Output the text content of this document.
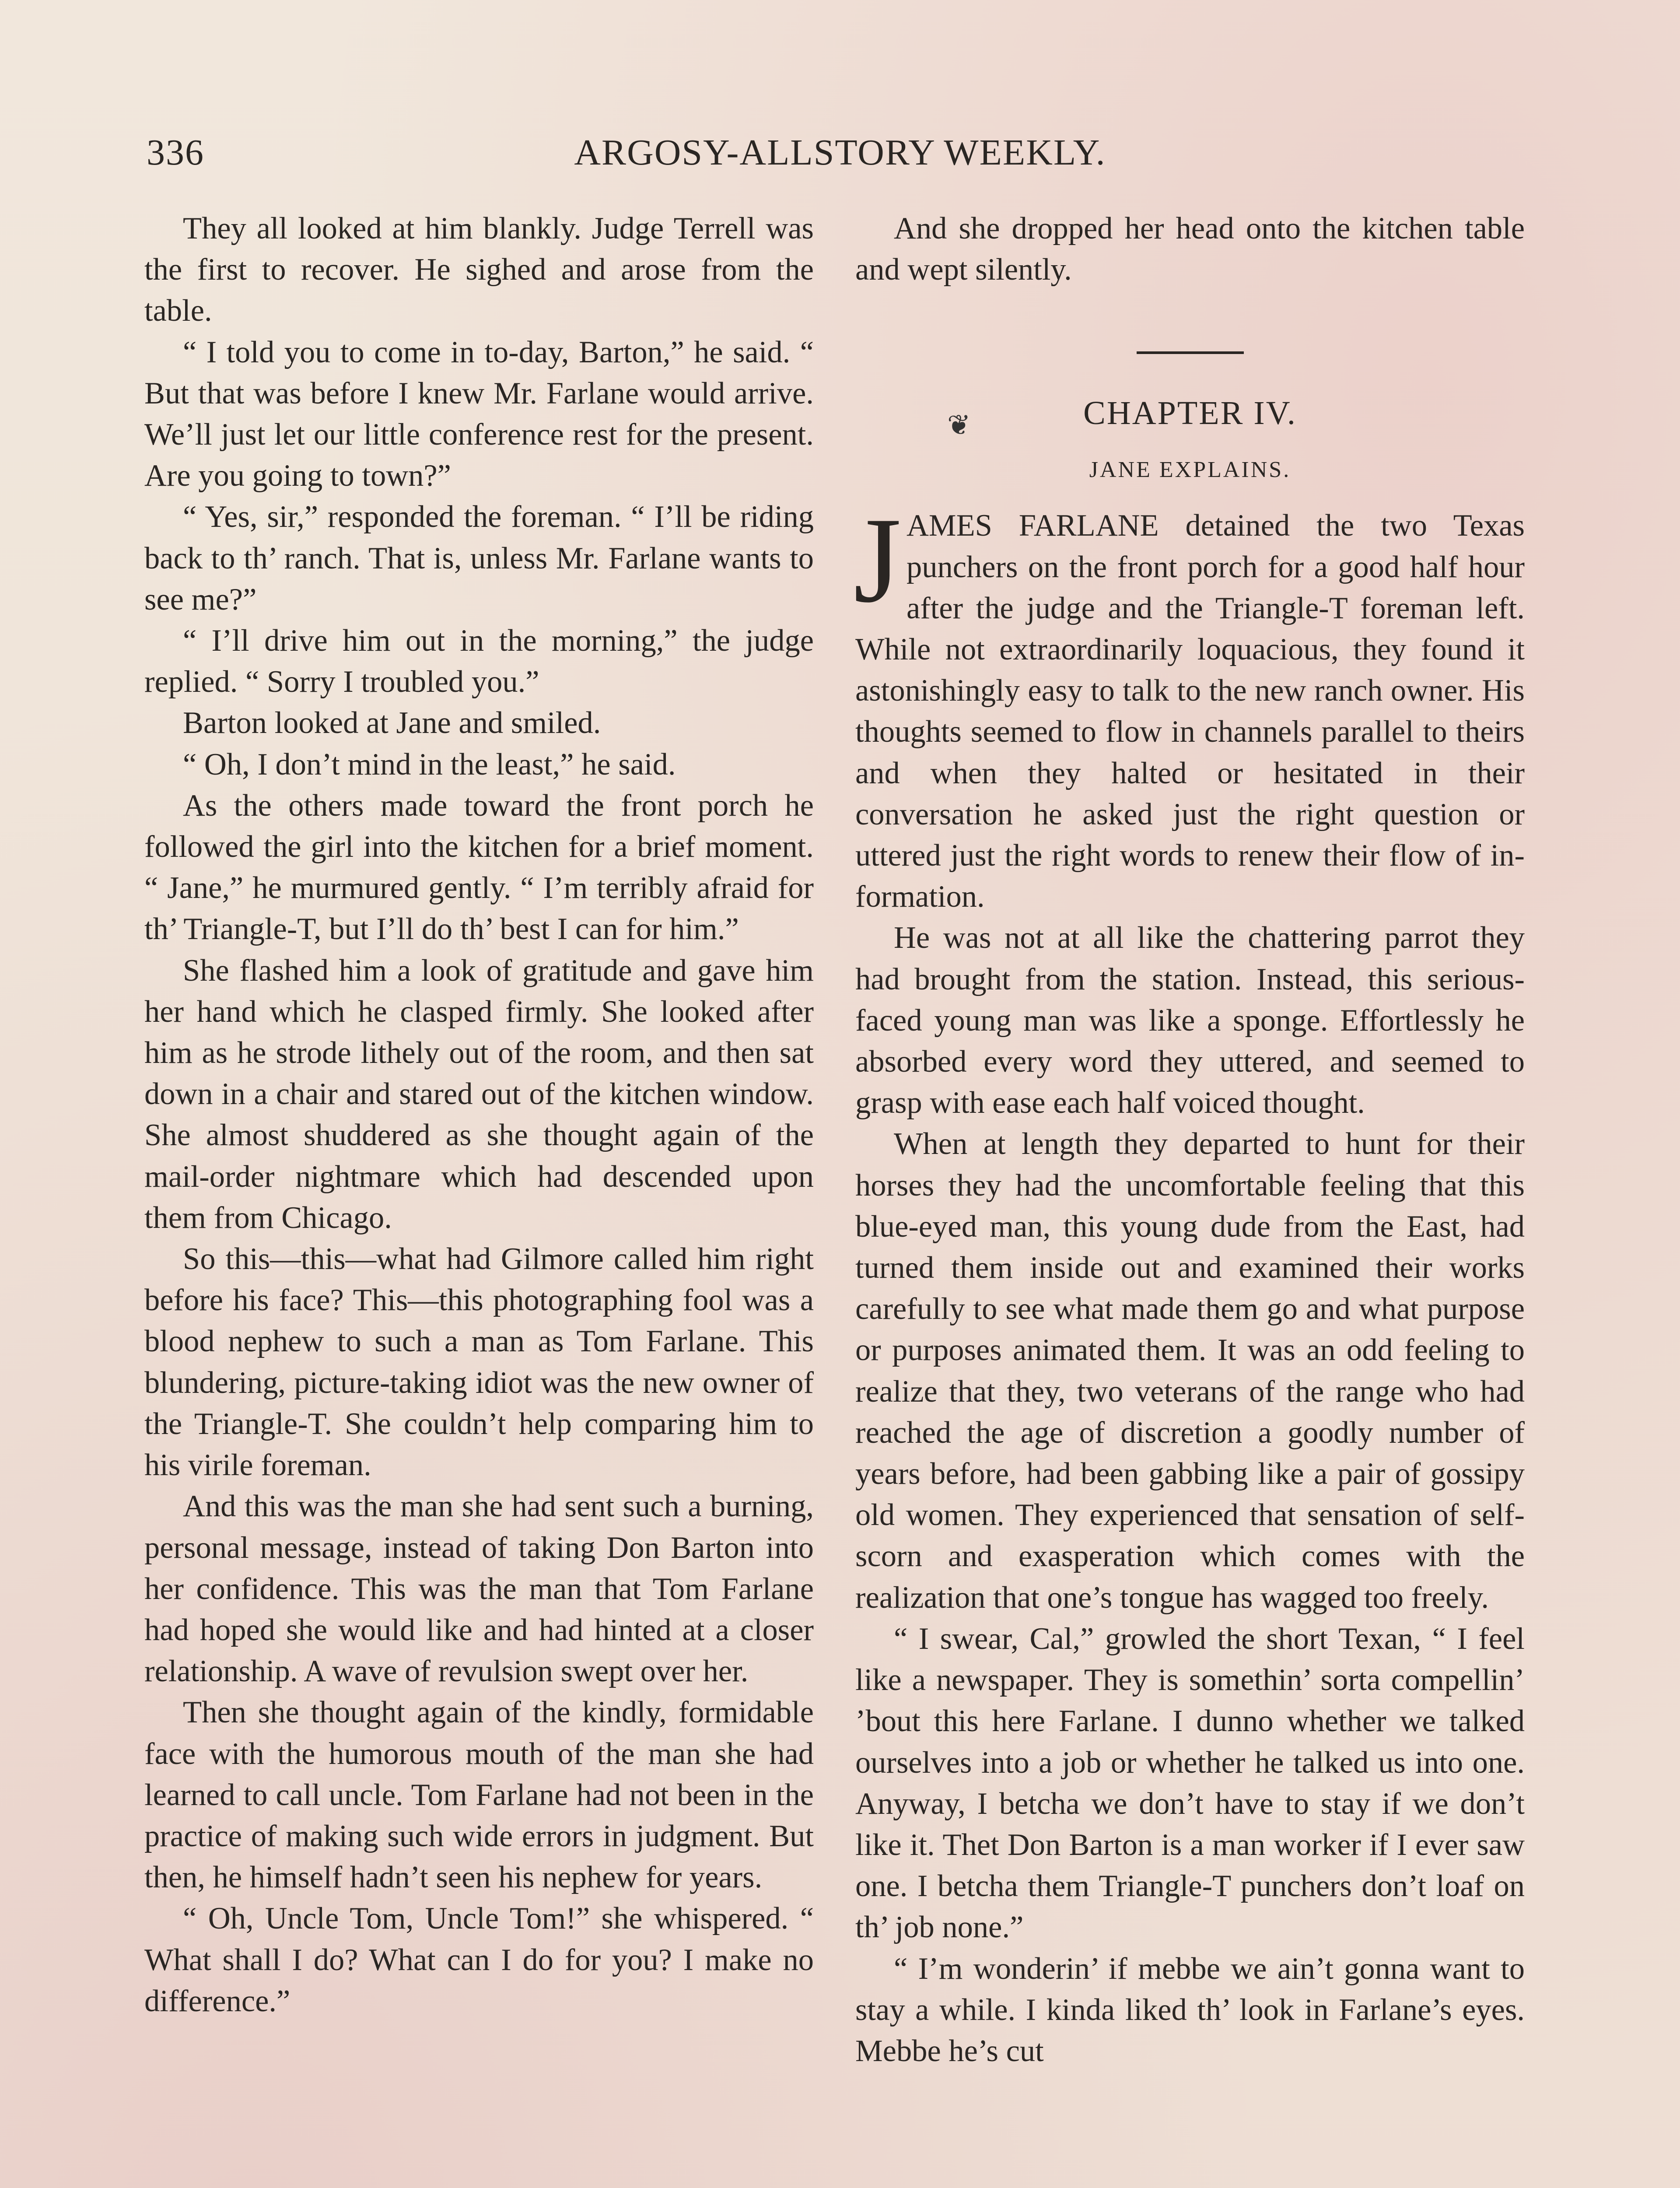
336	ARGOSY-ALLSTORY WEEKLY.

They all looked at him blankly. Judge Terrell was the first to recover. He sighed and arose from the table.

“ I told you to come in to-day, Barton,” he said. “ But that was before I knew Mr. Farlane would arrive. We’ll just let our little conference rest for the present. Are you going to town?”

“ Yes, sir,” responded the foreman. “ I’ll be riding back to th’ ranch. That is, unless Mr. Farlane wants to see me?”

“ I’ll drive him out in the morning,” the judge replied. “ Sorry I troubled you.”

Barton looked at Jane and smiled.

“ Oh, I don’t mind in the least,” he said.

As the others made toward the front porch he followed the girl into the kitchen for a brief moment. “ Jane,” he murmured gently. “ I’m terribly afraid for th’ Triangle-T, but I’ll do th’ best I can for him.”

She flashed him a look of gratitude and gave him her hand which he clasped firmly. She looked after him as he strode lithely out of the room, and then sat down in a chair and stared out of the kitchen window. She almost shuddered as she thought again of the mail-order nightmare which had descended upon them from Chicago.

So this—this—what had Gilmore called him right before his face? This—this photographing fool was a blood nephew to such a man as Tom Farlane. This blundering, picture-taking idiot was the new owner of the Triangle-T. She couldn’t help comparing him to his virile foreman.

And this was the man she had sent such a burning, personal message, instead of taking Don Barton into her confidence. This was the man that Tom Farlane had hoped she would like and had hinted at a closer relationship. A wave of revulsion swept over her.

Then she thought again of the kindly, formidable face with the humorous mouth of the man she had learned to call uncle. Tom Farlane had not been in the practice of making such wide errors in judgment. But then, he himself hadn’t seen his nephew for years.

“ Oh, Uncle Tom, Uncle Tom!” she whispered. “ What shall I do? What can I do for you? I make no difference.”

❦

And she dropped her head onto the kitchen table and wept silently.

CHAPTER IV.
JANE EXPLAINS.

JAMES FARLANE detained the two Texas punchers on the front porch for a good half hour after the judge and the Triangle-T foreman left. While not extraordinarily loquacious, they found it astonishingly easy to talk to the new ranch owner. His thoughts seemed to flow in channels parallel to theirs and when they halted or hesitated in their conversation he asked just the right question or uttered just the right words to renew their flow of information.

He was not at all like the chattering parrot they had brought from the station. Instead, this serious-faced young man was like a sponge. Effortlessly he absorbed every word they uttered, and seemed to grasp with ease each half voiced thought.

When at length they departed to hunt for their horses they had the uncomfortable feeling that this blue-eyed man, this young dude from the East, had turned them inside out and examined their works carefully to see what made them go and what purpose or purposes animated them. It was an odd feeling to realize that they, two veterans of the range who had reached the age of discretion a goodly number of years before, had been gabbing like a pair of gossipy old women. They experienced that sensation of self-scorn and exasperation which comes with the realization that one’s tongue has wagged too freely.

“ I swear, Cal,” growled the short Texan, “ I feel like a newspaper. They is somethin’ sorta compellin’ ’bout this here Farlane. I dunno whether we talked ourselves into a job or whether he talked us into one. Anyway, I betcha we don’t have to stay if we don’t like it. Thet Don Barton is a man worker if I ever saw one. I betcha them Triangle-T punchers don’t loaf on th’ job none.”

“ I’m wonderin’ if mebbe we ain’t gonna want to stay a while. I kinda liked th’ look in Farlane’s eyes. Mebbe he’s cut
